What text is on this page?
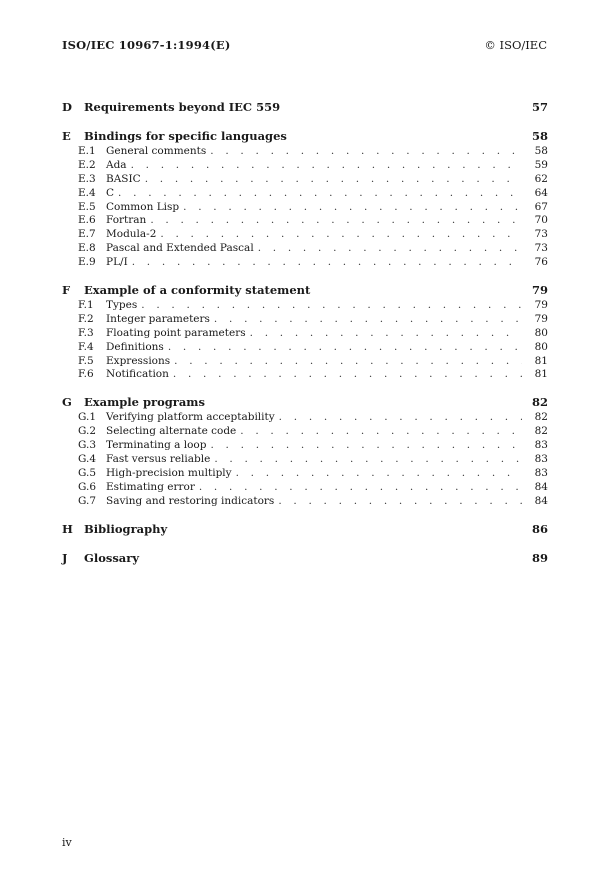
ISO/IEC 10967-1:1994(E)	© ISO/IEC
D	Requirements beyond IEC 559	57
E	Bindings for specific languages	58
E.1 General comments . . .	58
E.2 Ada . . .	59
E.3 BASIC . . .	62
E.4 C . . .	64
E.5 Common Lisp . . .	67
E.6 Fortran . . .	70
E.7 Modula-2 . . .	73
E.8 Pascal and Extended Pascal . . .	73
E.9 PL/I . . .	76
F	Example of a conformity statement	79
F.1	Types . . .	79
F.2	Integer parameters . . .	79
F.3	Floating point parameters . . .	80
F.4	Definitions . . .	80
F.5	Expressions . . .	81
F.6	Notification . . .	81
G	Example programs	82
G.1 Verifying platform acceptability . . .	82
G.2 Selecting alternate code . . .	82
G.3 Terminating a loop . . .	83
G.4 Fast versus reliable . . .	83
G.5 High-precision multiply . . .	83
G.6 Estimating error . . .	84
G.7 Saving and restoring indicators . . .	84
H Bibliography	86
J	Glossary	89
iv
